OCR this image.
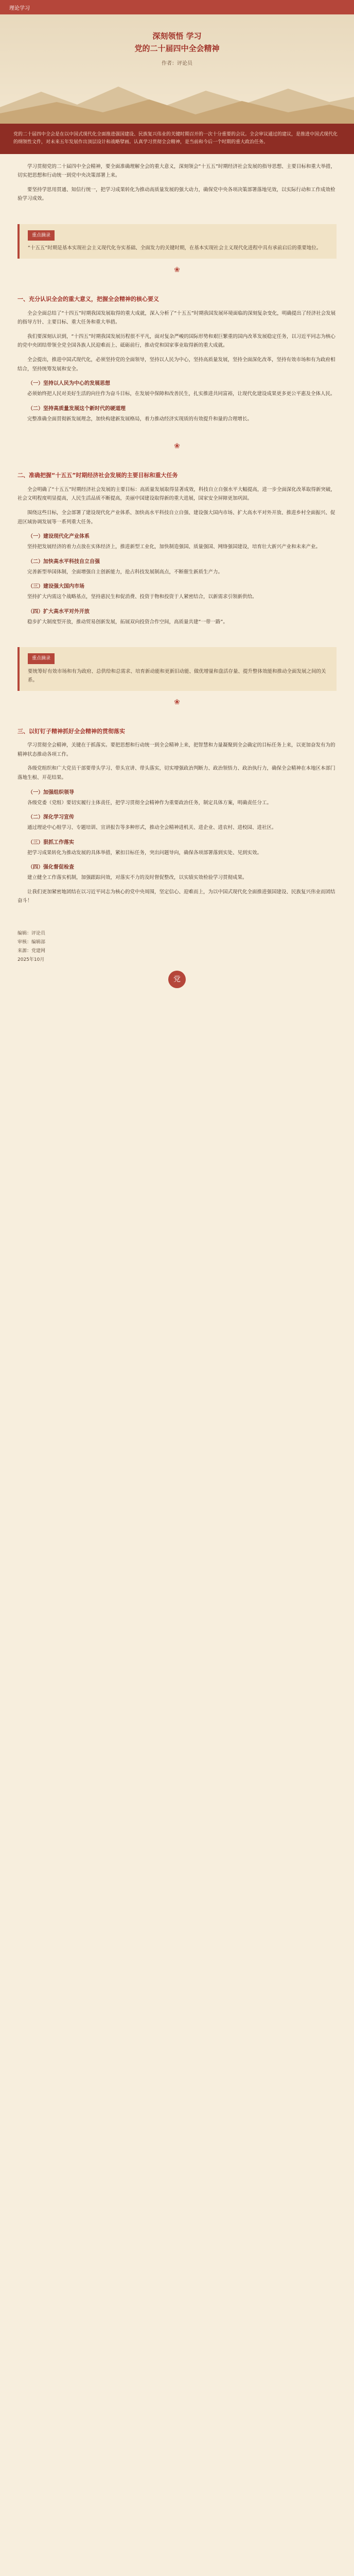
理论学习
深刻领悟 学习
党的二十届四中全会精神
作者：评论员
党的二十届四中全会是在以中国式现代化全面推进强国建设、民族复兴伟业的关键时期召开的一次十分重要的会议。全会审议通过的建议，是推进中国式现代化的纲领性文件，对未来五年发展作出顶层设计和战略擘画。认真学习贯彻全会精神，是当前和今后一个时期的重大政治任务。

学习贯彻党的二十届四中全会精神，要全面准确理解全会的重大意义，深刻领会“十五五”时期经济社会发展的指导思想、主要目标和重大举措，切实把思想和行动统一到党中央决策部署上来。

要坚持学思用贯通、知信行统一，把学习成果转化为推动高质量发展的强大动力，确保党中央各项决策部署落地见效，以实际行动和工作成效检验学习成效。

重点摘录
“十五五”时期是基本实现社会主义现代化夯实基础、全面发力的关键时期，在基本实现社会主义现代化进程中具有承前启后的重要地位。
❀
一、充分认识全会的重大意义，把握全会精神的核心要义

全会全面总结了“十四五”时期我国发展取得的重大成就，深入分析了“十五五”时期我国发展环境面临的深刻复杂变化，明确提出了经济社会发展的指导方针、主要目标、重大任务和重大举措。

我们要深刻认识到，“十四五”时期我国发展历程很不平凡，面对复杂严峻的国际形势和艰巨繁重的国内改革发展稳定任务，以习近平同志为核心的党中央团结带领全党全国各族人民迎难而上、砥砺前行，推动党和国家事业取得新的重大成就。

全会提出，推进中国式现代化，必须坚持党的全面领导，坚持以人民为中心，坚持高质量发展，坚持全面深化改革，坚持有效市场和有为政府相结合，坚持统筹发展和安全。

（一）坚持以人民为中心的发展思想

必须始终把人民对美好生活的向往作为奋斗目标，在发展中保障和改善民生，扎实推进共同富裕，让现代化建设成果更多更公平惠及全体人民。

（二）坚持高质量发展这个新时代的硬道理

完整准确全面贯彻新发展理念，加快构建新发展格局，着力推动经济实现质的有效提升和量的合理增长。

❀
二、准确把握“十五五”时期经济社会发展的主要目标和重大任务

全会明确了“十五五”时期经济社会发展的主要目标：高质量发展取得显著成效，科技自立自强水平大幅提高，进一步全面深化改革取得新突破，社会文明程度明显提高，人民生活品质不断提高，美丽中国建设取得新的重大进展，国家安全屏障更加巩固。

围绕这些目标，全会部署了建设现代化产业体系、加快高水平科技自立自强、建设强大国内市场、扩大高水平对外开放、推进乡村全面振兴、促进区域协调发展等一系列重大任务。

（一）建设现代化产业体系

坚持把发展经济的着力点放在实体经济上，推进新型工业化，加快制造强国、质量强国、网络强国建设，培育壮大新兴产业和未来产业。

（二）加快高水平科技自立自强

完善新型举国体制，全面增强自主创新能力，抢占科技发展制高点，不断催生新质生产力。

（三）建设强大国内市场

坚持扩大内需这个战略基点，坚持惠民生和促消费、投资于物和投资于人紧密结合，以新需求引领新供给。

（四）扩大高水平对外开放

稳步扩大制度型开放，推动贸易创新发展，拓展双向投资合作空间，高质量共建“一带一路”。

重点摘录
要统筹好有效市场和有为政府、总供给和总需求、培育新动能和更新旧动能、做优增量和盘活存量、提升整体效能和推动全面发展之间的关系。
❀
三、以钉钉子精神抓好全会精神的贯彻落实

学习贯彻全会精神，关键在于抓落实。要把思想和行动统一到全会精神上来，把智慧和力量凝聚到全会确定的目标任务上来，以更加奋发有为的精神状态推动各项工作。

各级党组织和广大党员干部要带头学习、带头宣讲、带头落实，切实增强政治判断力、政治领悟力、政治执行力，确保全会精神在本地区本部门落地生根、开花结果。

（一）加强组织领导

各级党委（党组）要切实履行主体责任，把学习贯彻全会精神作为重要政治任务，制定具体方案，明确责任分工。

（二）深化学习宣传

通过理论中心组学习、专题培训、宣讲报告等多种形式，推动全会精神进机关、进企业、进农村、进校园、进社区。

（三）狠抓工作落实

把学习成果转化为推动发展的具体举措，紧扣目标任务，突出问题导向，确保各项部署落到实处、见到实效。

（四）强化督促检查

建立健全工作落实机制，加强跟踪问效，对落实不力的及时督促整改，以实绩实效检验学习贯彻成果。

让我们更加紧密地团结在以习近平同志为核心的党中央周围，坚定信心、迎难而上，为以中国式现代化全面推进强国建设、民族复兴伟业而团结奋斗！

编辑：评论员
审核：编辑部
来源：党建网
2025年10月
党
